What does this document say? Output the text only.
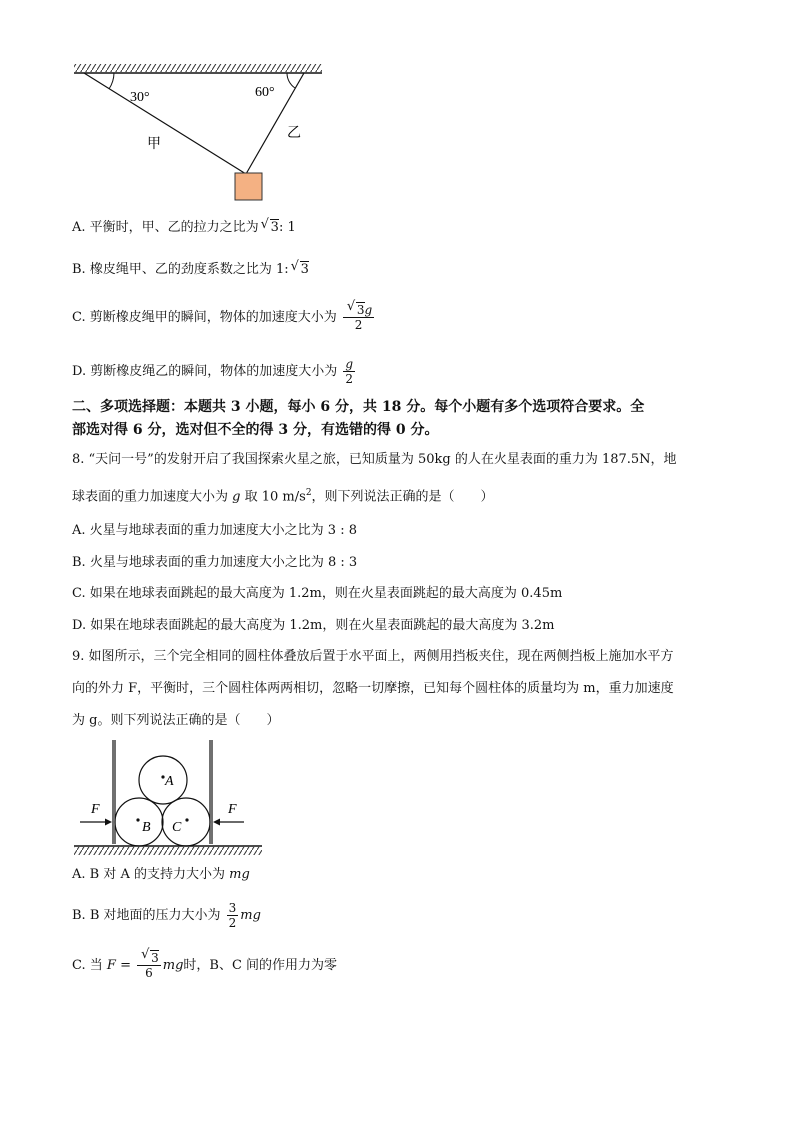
30°	60°
甲
乙
A. 平衡时，甲、乙的拉力之比为 √ 3: 1
B. 橡皮绳甲、乙的劲度系数之比为 1: √ 3
C. 剪断橡皮绳甲的瞬间，物体的加速度大小为 $\frac{√ 3g}{2}$
D. 剪断橡皮绳乙的瞬间，物体的加速度大小为 $\frac{g}{2}$
二、多项选择题：本题共 3 小题，每小 6 分，共 18 分。每个小题有多个选项符合要求。全
部选对得 6 分，选对但不全的得 3 分，有选错的得 0 分。
8. “天问一号”的发射开启了我国探索火星之旅，已知质量为 50kg 的人在火星表面的重力为 187.5N，地
球表面的重力加速度大小为 g 取 10 $m/s^2$，则下列说法正确的是（　　）
A. 火星与地球表面的重力加速度大小之比为 3 : 8
B. 火星与地球表面的重力加速度大小之比为 8 : 3
C. 如果在地球表面跳起的最大高度为 1.2m，则在火星表面跳起的最大高度为 0.45m
D. 如果在地球表面跳起的最大高度为 1.2m，则在火星表面跳起的最大高度为 3.2m
9. 如图所示，三个完全相同的圆柱体叠放后置于水平面上，两侧用挡板夹住，现在两侧挡板上施加水平方
向的外力 F，平衡时，三个圆柱体两两相切，忽略一切摩擦，已知每个圆柱体的质量均为 m，重力加速度
为 g。则下列说法正确的是（　　）
A
B C
F	F
A. B 对 A 的支持力大小为 mg
B. B 对地面的压力大小为 $\frac{3}{2}$ mg
C. 当 $F = \frac{√ 3}{6}$ mg时，B、C 间的作用力为零
